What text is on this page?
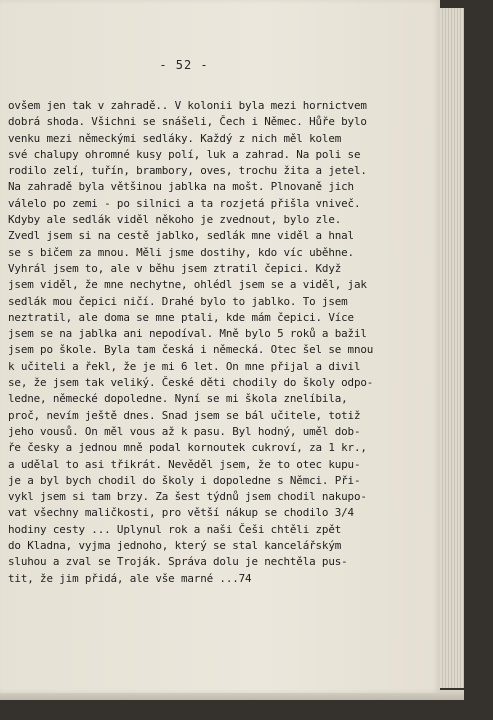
- 52 -
ovšem jen tak v zahradě.. V kolonii byla mezi hornictvem
dobrá shoda. Všichni se snášeli, Čech i Němec. Hůře bylo
venku mezi německými sedláky. Každý z nich měl kolem
své chalupy ohromné kusy polí, luk a zahrad. Na poli se
rodilo zelí, tuřín, brambory, oves, trochu žita a jetel.
Na zahradě byla většinou jablka na mošt. Plnovaně jich
válelo po zemi - po silnici a ta rozjetá přišla vniveč.
Kdyby ale sedlák viděl někoho je zvednout, bylo zle.
Zvedl jsem si na cestě jablko, sedlák mne viděl a hnal
se s bičem za mnou. Měli jsme dostihy, kdo víc uběhne.
Vyhrál jsem to, ale v běhu jsem ztratil čepici. Když
jsem viděl, že mne nechytne, ohlédl jsem se a viděl, jak
sedlák mou čepici ničí. Drahé bylo to jablko. To jsem
neztratil, ale doma se mne ptali, kde mám čepici. Více
jsem se na jablka ani nepodíval. Mně bylo 5 roků a bažil
jsem po škole. Byla tam česká i německá. Otec šel se mnou
k učiteli a řekl, že je mi 6 let. On mne přijal a divil
se, že jsem tak veliký. České děti chodily do školy odpo-
ledne, německé dopoledne. Nyní se mi škola znelíbila,
proč, nevím ještě dnes. Snad jsem se bál učitele, totiž
jeho vousů. On měl vous až k pasu. Byl hodný, uměl dob-
ře česky a jednou mně podal kornoutek cukroví, za 1 kr.,
a udělal to asi třikrát. Nevěděl jsem, že to otec kupu-
je a byl bych chodil do školy i dopoledne s Němci. Při-
vykl jsem si tam brzy. Za šest týdnů jsem chodil nakupo-
vat všechny maličkosti, pro větší nákup se chodilo 3/4
hodiny cesty ... Uplynul rok a naši Češi chtěli zpět
do Kladna, vyjma jednoho, který se stal kancelářským
sluhou a zval se Troják. Správa dolu je nechtěla pus-
tit, že jim přidá, ale vše marné ...74
